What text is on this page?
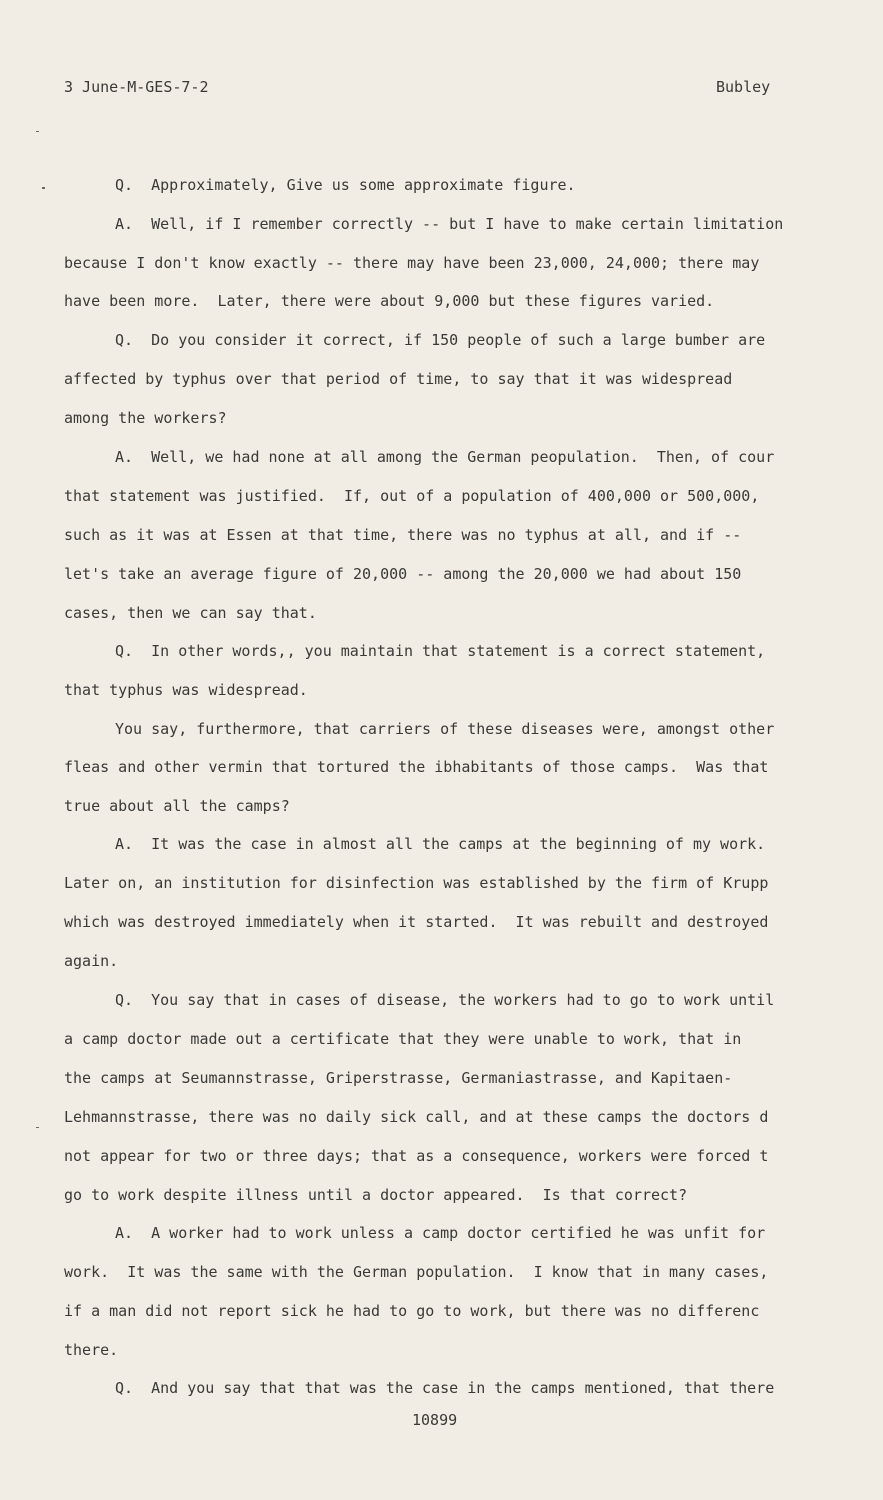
3 June-M-GES-7-2	Bubley
Q.  Approximately, Give us some approximate figure.
A.  Well, if I remember correctly -- but I have to make certain limitation
because I don't know exactly -- there may have been 23,000, 24,000; there may
have been more.  Later, there were about 9,000 but these figures varied.
Q.  Do you consider it correct, if 150 people of such a large bumber are
affected by typhus over that period of time, to say that it was widespread
among the workers?
A.  Well, we had none at all among the German peopulation.  Then, of cour
that statement was justified.  If, out of a population of 400,000 or 500,000,
such as it was at Essen at that time, there was no typhus at all, and if --
let's take an average figure of 20,000 -- among the 20,000 we had about 150
cases, then we can say that.
Q.  In other words,, you maintain that statement is a correct statement,
that typhus was widespread.
You say, furthermore, that carriers of these diseases were, amongst other
fleas and other vermin that tortured the ibhabitants of those camps.  Was that
true about all the camps?
A.  It was the case in almost all the camps at the beginning of my work.
Later on, an institution for disinfection was established by the firm of Krupp
which was destroyed immediately when it started.  It was rebuilt and destroyed
again.
Q.  You say that in cases of disease, the workers had to go to work until
a camp doctor made out a certificate that they were unable to work, that in
the camps at Seumannstrasse, Griperstrasse, Germaniastrasse, and Kapitaen-
Lehmannstrasse, there was no daily sick call, and at these camps the doctors d
not appear for two or three days; that as a consequence, workers were forced t
go to work despite illness until a doctor appeared.  Is that correct?
A.  A worker had to work unless a camp doctor certified he was unfit for
work.  It was the same with the German population.  I know that in many cases,
if a man did not report sick he had to go to work, but there was no differenc
there.
Q.  And you say that that was the case in the camps mentioned, that there
10899
